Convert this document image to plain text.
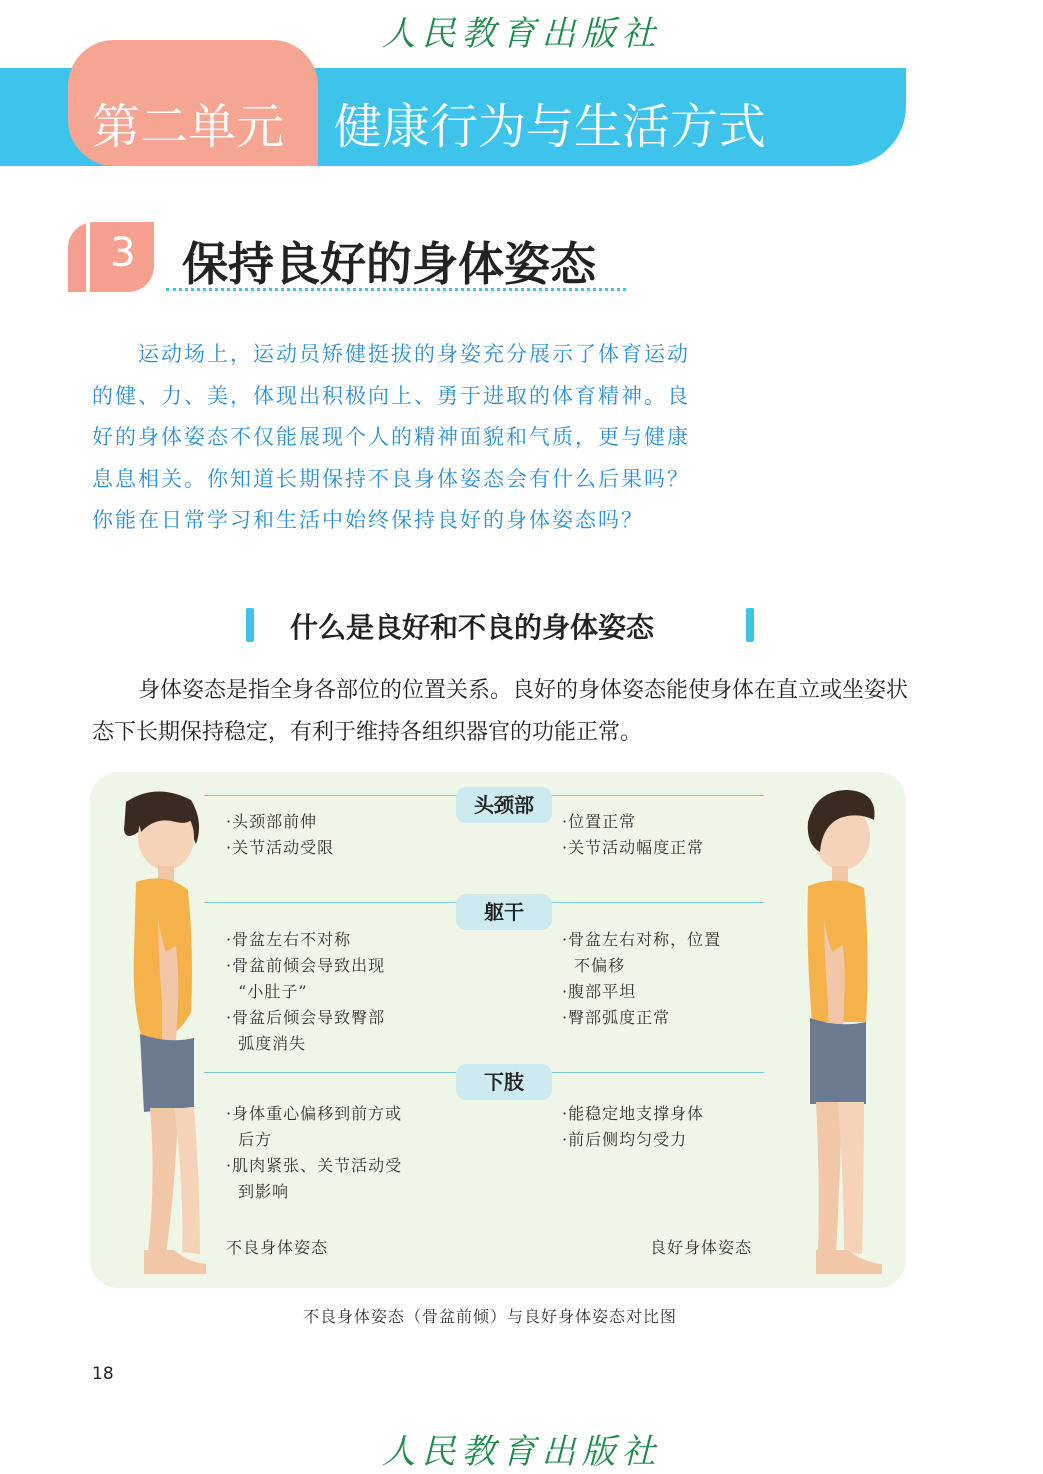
人民教育出版社
第二单元 健康行为与生活方式
3 保持良好的身体姿态
运动场上，运动员矫健挺拔的身姿充分展示了体育运动的健、力、美，体现出积极向上、勇于进取的体育精神。良好的身体姿态不仅能展现个人的精神面貌和气质，更与健康息息相关。你知道长期保持不良身体姿态会有什么后果吗？你能在日常学习和生活中始终保持良好的身体姿态吗？
什么是良好和不良的身体姿态
身体姿态是指全身各部位的位置关系。良好的身体姿态能使身体在直立或坐姿状态下长期保持稳定，有利于维持各组织器官的功能正常。
头颈部
躯干
下肢
·头颈部前伸
·关节活动受限
·位置正常
·关节活动幅度正常
·骨盆左右不对称
·骨盆前倾会导致出现
“小肚子”
·骨盆后倾会导致臀部
弧度消失
·骨盆左右对称，位置
不偏移
·腹部平坦
·臀部弧度正常
·身体重心偏移到前方或
后方
·肌肉紧张、关节活动受
到影响
·能稳定地支撑身体
·前后侧均匀受力
不良身体姿态	良好身体姿态
不良身体姿态（骨盆前倾）与良好身体姿态对比图
18
人民教育出版社
